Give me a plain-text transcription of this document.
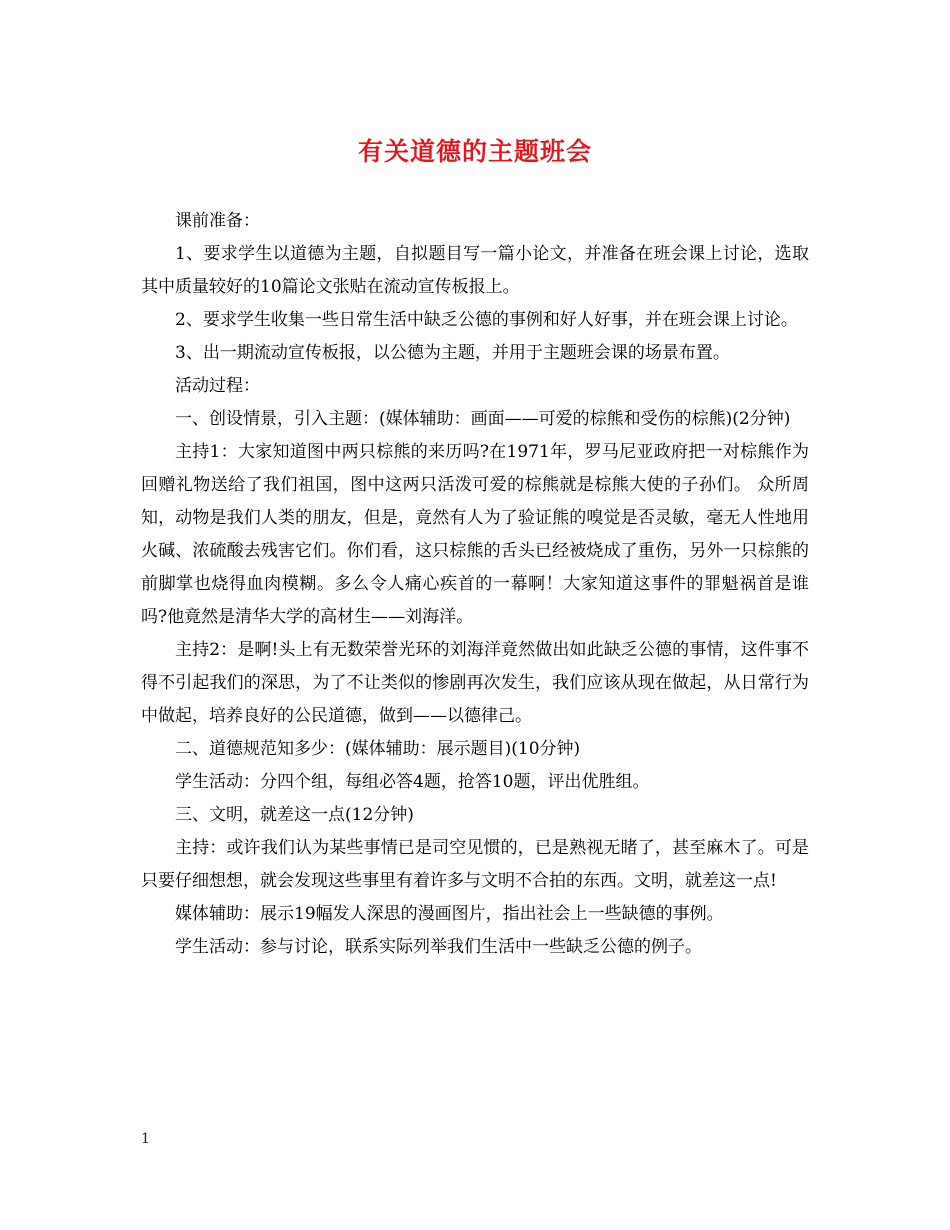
有关道德的主题班会

课前准备：

1、要求学生以道德为主题，自拟题目写一篇小论文，并准备在班会课上讨论，选取其中质量较好的10篇论文张贴在流动宣传板报上。

2、要求学生收集一些日常生活中缺乏公德的事例和好人好事，并在班会课上讨论。

3、出一期流动宣传板报，以公德为主题，并用于主题班会课的场景布置。

活动过程：

一、创设情景，引入主题：(媒体辅助：画面——可爱的棕熊和受伤的棕熊)(2分钟)

主持1：大家知道图中两只棕熊的来历吗?在1971年，罗马尼亚政府把一对棕熊作为回赠礼物送给了我们祖国，图中这两只活泼可爱的棕熊就是棕熊大使的子孙们。 众所周知，动物是我们人类的朋友，但是，竟然有人为了验证熊的嗅觉是否灵敏，毫无人性地用火碱、浓硫酸去残害它们。你们看，这只棕熊的舌头已经被烧成了重伤，另外一只棕熊的前脚掌也烧得血肉模糊。多么令人痛心疾首的一幕啊！大家知道这事件的罪魁祸首是谁吗?他竟然是清华大学的高材生——刘海洋。

主持2：是啊!头上有无数荣誉光环的刘海洋竟然做出如此缺乏公德的事情，这件事不得不引起我们的深思，为了不让类似的惨剧再次发生，我们应该从现在做起，从日常行为中做起，培养良好的公民道德，做到——以德律己。

二、道德规范知多少：(媒体辅助：展示题目)(10分钟)

学生活动：分四个组，每组必答4题，抢答10题，评出优胜组。

三、文明，就差这一点(12分钟)

主持：或许我们认为某些事情已是司空见惯的，已是熟视无睹了，甚至麻木了。可是只要仔细想想，就会发现这些事里有着许多与文明不合拍的东西。文明，就差这一点!

媒体辅助：展示19幅发人深思的漫画图片，指出社会上一些缺德的事例。

学生活动：参与讨论，联系实际列举我们生活中一些缺乏公德的例子。

1
